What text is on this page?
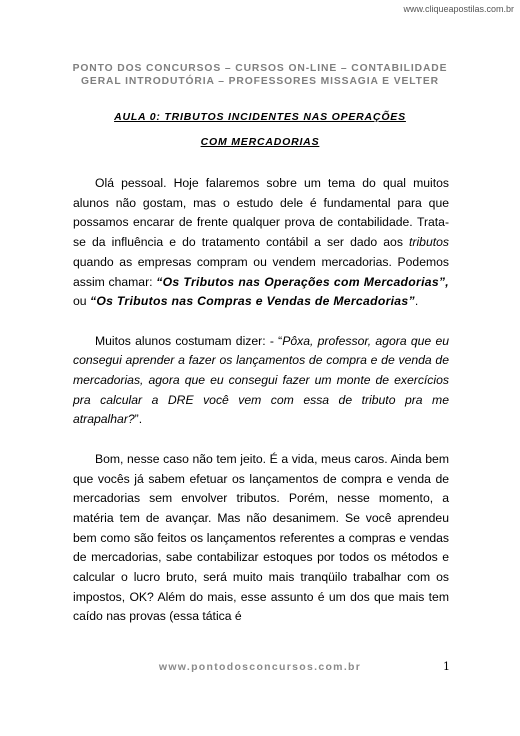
www.cliqueapostilas.com.br
PONTO DOS CONCURSOS – CURSOS ON-LINE – CONTABILIDADE
GERAL INTRODUTÓRIA – PROFESSORES MISSAGIA E VELTER
AULA 0: TRIBUTOS INCIDENTES NAS OPERAÇÕES
COM MERCADORIAS

Olá pessoal. Hoje falaremos sobre um tema do qual muitos alunos não gostam, mas o estudo dele é fundamental para que possamos encarar de frente qualquer prova de contabilidade. Trata-se da influência e do tratamento contábil a ser dado aos tributos quando as empresas compram ou vendem mercadorias. Podemos assim chamar: “Os Tributos nas Operações com Mercadorias”, ou “Os Tributos nas Compras e Vendas de Mercadorias”.

Muitos alunos costumam dizer: - “Pôxa, professor, agora que eu consegui aprender a fazer os lançamentos de compra e de venda de mercadorias, agora que eu consegui fazer um monte de exercícios pra calcular a DRE você vem com essa de tributo pra me atrapalhar?”.

Bom, nesse caso não tem jeito. É a vida, meus caros. Ainda bem que vocês já sabem efetuar os lançamentos de compra e venda de mercadorias sem envolver tributos. Porém, nesse momento, a matéria tem de avançar. Mas não desanimem. Se você aprendeu bem como são feitos os lançamentos referentes a compras e vendas de mercadorias, sabe contabilizar estoques por todos os métodos e calcular o lucro bruto, será muito mais tranqüilo trabalhar com os impostos, OK? Além do mais, esse assunto é um dos que mais tem caído nas provas (essa tática é

www.pontodosconcursos.com.br	1
